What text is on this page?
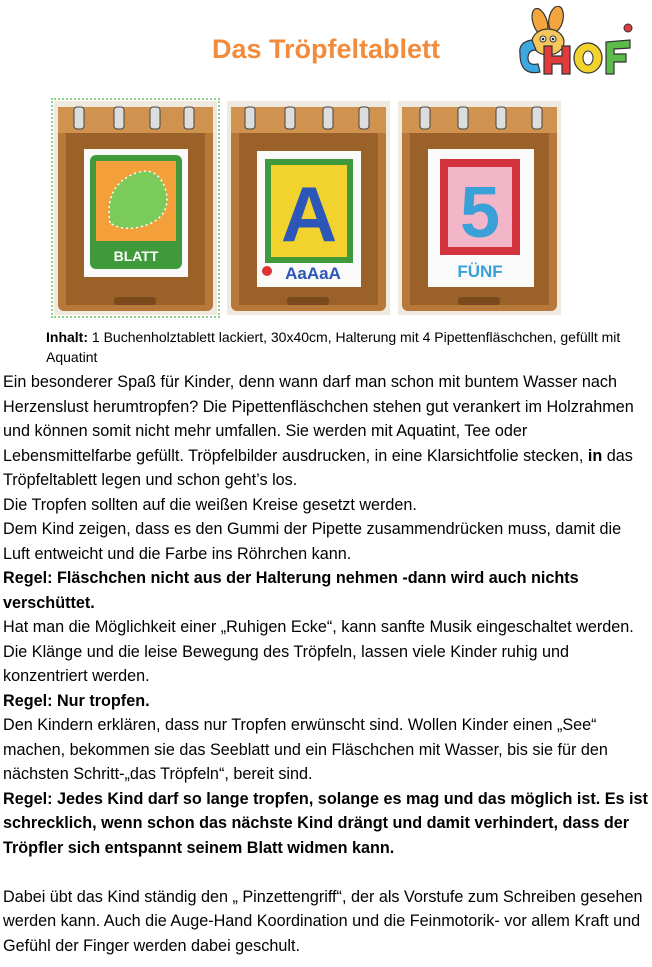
Das Tröpfeltablett
BLATT A
AaAaA
5
FÜNF

Inhalt: 1 Buchenholztablett lackiert, 30x40cm, Halterung mit 4 Pipettenfläschchen, gefüllt mit Aquatint

Ein besonderer Spaß für Kinder, denn wann darf man schon mit buntem Wasser nach Herzenslust herumtropfen? Die Pipettenfläschchen stehen gut verankert im Holzrahmen und können somit nicht mehr umfallen. Sie werden mit Aquatint, Tee oder Lebensmittelfarbe gefüllt. Tröpfelbilder ausdrucken, in eine Klarsichtfolie stecken, in das Tröpfeltablett legen und schon geht’s los.

Die Tropfen sollten auf die weißen Kreise gesetzt werden.

Dem Kind zeigen, dass es den Gummi der Pipette zusammendrücken muss, damit die Luft entweicht und die Farbe ins Röhrchen kann.

Regel: Fläschchen nicht aus der Halterung nehmen -dann wird auch nichts verschüttet.

Hat man die Möglichkeit einer „Ruhigen Ecke“, kann sanfte Musik eingeschaltet werden. Die Klänge und die leise Bewegung des Tröpfeln, lassen viele Kinder ruhig und konzentriert werden.

Regel: Nur tropfen.

Den Kindern erklären, dass nur Tropfen erwünscht sind. Wollen Kinder einen „See“ machen, bekommen sie das Seeblatt und ein Fläschchen mit Wasser, bis sie für den nächsten Schritt-„das Tröpfeln“, bereit sind.

Regel: Jedes Kind darf so lange tropfen, solange es mag und das möglich ist. Es ist schrecklich, wenn schon das nächste Kind drängt und damit verhindert, dass der Tröpfler sich entspannt seinem Blatt widmen kann.

Dabei übt das Kind ständig den „ Pinzettengriff“, der als Vorstufe zum Schreiben gesehen werden kann. Auch die Auge-Hand Koordination und die Feinmotorik- vor allem Kraft und Gefühl der Finger werden dabei geschult.
